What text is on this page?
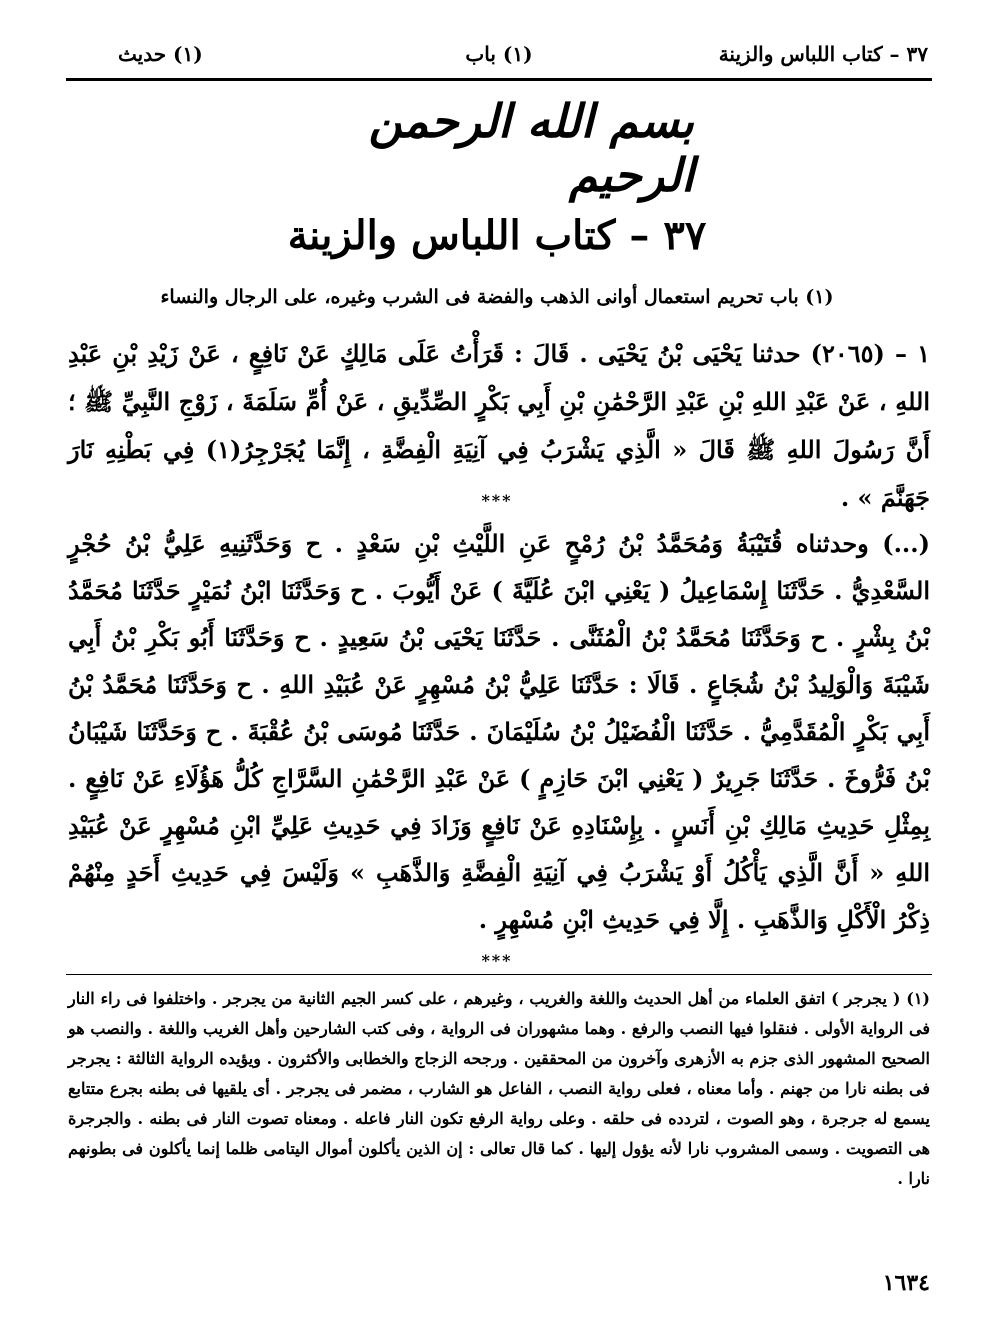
٣٧ – كتاب اللباس والزينة
(١) باب
(١) حديث
بسم الله الرحمن الرحيم
٣٧ – كتاب اللباس والزينة
(١) باب تحريم استعمال أوانى الذهب والفضة فى الشرب وغيره، على الرجال والنساء
١ – (٢٠٦٥) حدثنا يَحْيَى بْنُ يَحْيَى . قَالَ : قَرَأْتُ عَلَى مَالِكٍ عَنْ نَافِعٍ ، عَنْ زَيْدِ بْنِ عَبْدِ اللهِ ، عَنْ عَبْدِ اللهِ بْنِ عَبْدِ الرَّحْمَٰنِ بْنِ أَبِي بَكْرٍ الصِّدِّيقِ ، عَنْ أُمِّ سَلَمَةَ ، زَوْجِ النَّبِيِّ ﷺ ؛ أَنَّ رَسُولَ اللهِ ﷺ قَالَ « الَّذِي يَشْرَبُ فِي آنِيَةِ الْفِضَّةِ ، إِنَّمَا يُجَرْجِرُ(١) فِي بَطْنِهِ نَارَ جَهَنَّمَ » .
***
(...) وحدثناه قُتَيْبَةُ وَمُحَمَّدُ بْنُ رُمْحٍ عَنِ اللَّيْثِ بْنِ سَعْدٍ . ح وَحَدَّثَنِيهِ عَلِيُّ بْنُ حُجْرٍ السَّعْدِيُّ . حَدَّثَنَا إِسْمَاعِيلُ ( يَعْنِي ابْنَ عُلَيَّةَ ) عَنْ أَيُّوبَ . ح وَحَدَّثَنَا ابْنُ نُمَيْرٍ حَدَّثَنَا مُحَمَّدُ بْنُ بِشْرٍ . ح وَحَدَّثَنَا مُحَمَّدُ بْنُ الْمُثَنَّى . حَدَّثَنَا يَحْيَى بْنُ سَعِيدٍ . ح وَحَدَّثَنَا أَبُو بَكْرِ بْنُ أَبِي شَيْبَةَ وَالْوَلِيدُ بْنُ شُجَاعٍ . قَالَا : حَدَّثَنَا عَلِيُّ بْنُ مُسْهِرٍ عَنْ عُبَيْدِ اللهِ . ح وَحَدَّثَنَا مُحَمَّدُ بْنُ أَبِي بَكْرٍ الْمُقَدَّمِيُّ . حَدَّثَنَا الْفُضَيْلُ بْنُ سُلَيْمَانَ . حَدَّثَنَا مُوسَى بْنُ عُقْبَةَ . ح وَحَدَّثَنَا شَيْبَانُ بْنُ فَرُّوخَ . حَدَّثَنَا جَرِيرٌ ( يَعْنِي ابْنَ حَازِمٍ ) عَنْ عَبْدِ الرَّحْمَٰنِ السَّرَّاجِ كُلُّ هَؤُلَاءِ عَنْ نَافِعٍ . بِمِثْلِ حَدِيثِ مَالِكِ بْنِ أَنَسٍ . بِإِسْنَادِهِ عَنْ نَافِعٍ وَزَادَ فِي حَدِيثِ عَلِيِّ ابْنِ مُسْهِرٍ عَنْ عُبَيْدِ اللهِ « أَنَّ الَّذِي يَأْكُلُ أَوْ يَشْرَبُ فِي آنِيَةِ الْفِضَّةِ وَالذَّهَبِ » وَلَيْسَ فِي حَدِيثِ أَحَدٍ مِنْهُمْ ذِكْرُ الْأَكْلِ وَالذَّهَبِ . إِلَّا فِي حَدِيثِ ابْنِ مُسْهِرٍ .
***
(١) ( يجرجر ) اتفق العلماء من أهل الحديث واللغة والغريب ، وغيرهم ، على كسر الجيم الثانية من يجرجر . واختلفوا فى راء النار فى الرواية الأولى . فنقلوا فيها النصب والرفع . وهما مشهوران فى الرواية ، وفى كتب الشارحين وأهل الغريب واللغة . والنصب هو الصحيح المشهور الذى جزم به الأزهرى وآخرون من المحققين . ورجحه الزجاج والخطابى والأكثرون . ويؤيده الرواية الثالثة : يجرجر فى بطنه نارا من جهنم . وأما معناه ، فعلى رواية النصب ، الفاعل هو الشارب ، مضمر فى يجرجر . أى يلقيها فى بطنه بجرع متتابع يسمع له جرجرة ، وهو الصوت ، لتردده فى حلقه . وعلى رواية الرفع تكون النار فاعله . ومعناه تصوت النار فى بطنه . والجرجرة هى التصويت . وسمى المشروب نارا لأنه يؤول إليها . كما قال تعالى : إن الذين يأكلون أموال اليتامى ظلما إنما يأكلون فى بطونهم نارا .
١٦٣٤
